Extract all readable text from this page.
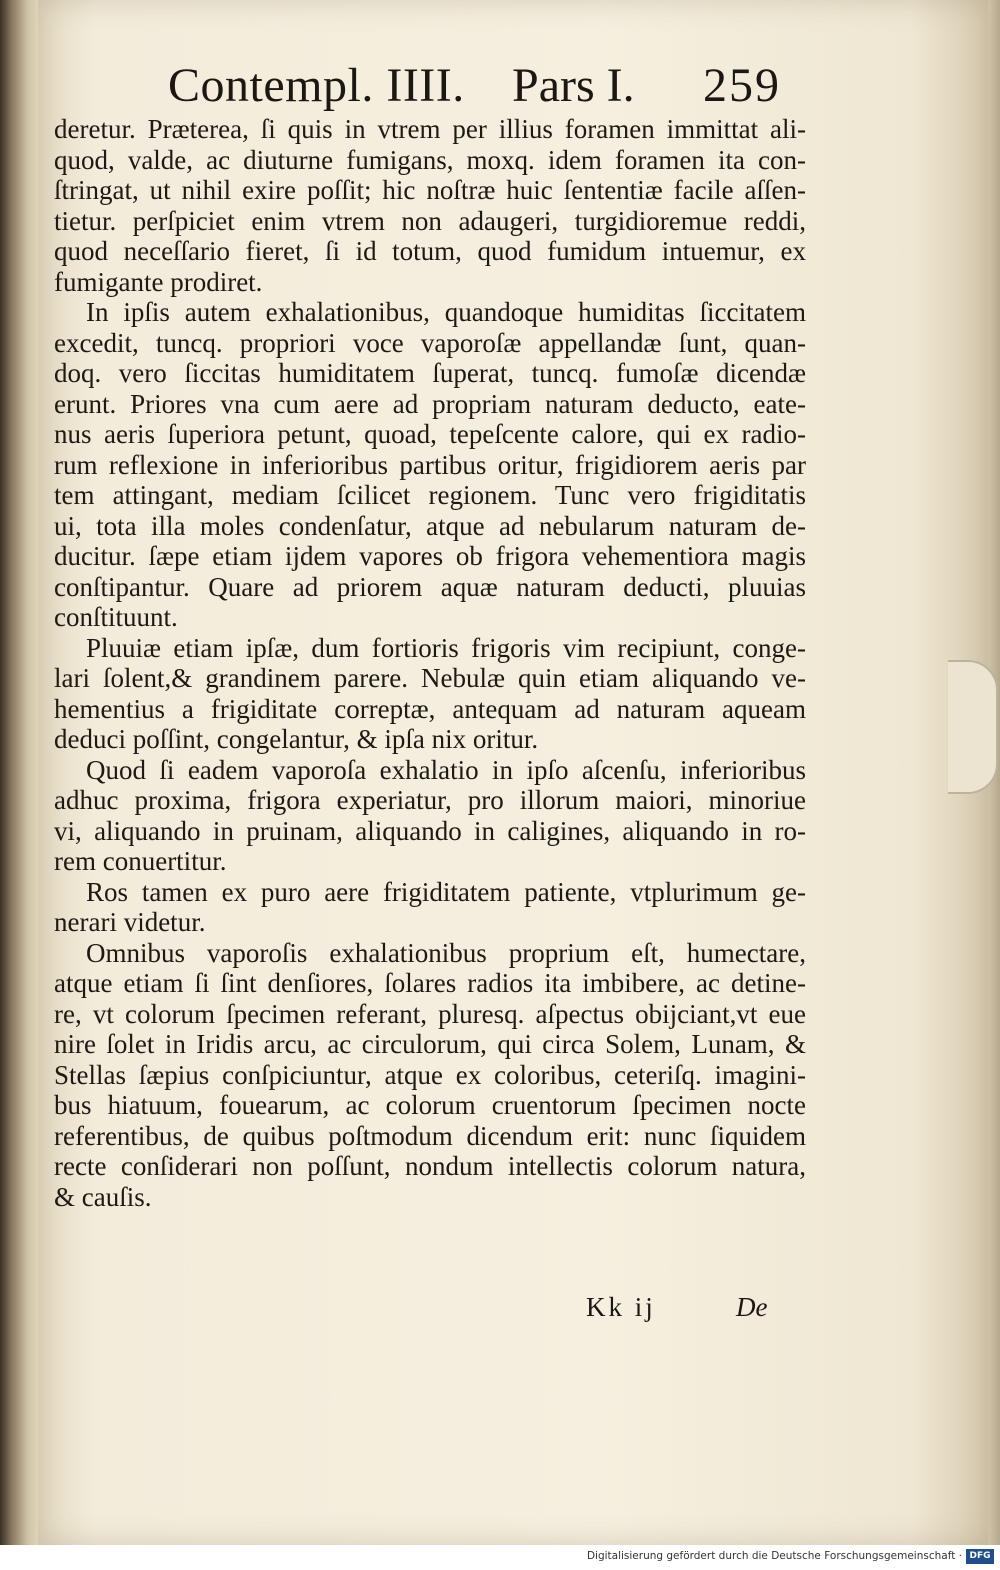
Contempl. IIII. Pars I. 259
deretur. Præterea, ſi quis in vtrem per illius foramen immittat ali-
quod, valde, ac diuturne fumigans, moxq. idem foramen ita con-
ſtringat, ut nihil exire poſſit; hic noſtræ huic ſententiæ facile aſſen-
tietur. perſpiciet enim vtrem non adaugeri, turgidioremue reddi,
quod neceſſario fieret, ſi id totum, quod fumidum intuemur, ex
fumigante prodiret.
In ipſis autem exhalationibus, quandoque humiditas ſiccitatem
excedit, tuncq. propriori voce vaporoſæ appellandæ ſunt, quan-
doq. vero ſiccitas humiditatem ſuperat, tuncq. fumoſæ dicendæ
erunt. Priores vna cum aere ad propriam naturam deducto, eate-
nus aeris ſuperiora petunt, quoad, tepeſcente calore, qui ex radio-
rum reflexione in inferioribus partibus oritur, frigidiorem aeris par
tem attingant, mediam ſcilicet regionem. Tunc vero frigiditatis
ui, tota illa moles condenſatur, atque ad nebularum naturam de-
ducitur. ſæpe etiam ijdem vapores ob frigora vehementiora magis
conſtipantur. Quare ad priorem aquæ naturam deducti, pluuias
conſtituunt.
Pluuiæ etiam ipſæ, dum fortioris frigoris vim recipiunt, conge-
lari ſolent,& grandinem parere. Nebulæ quin etiam aliquando ve-
hementius a frigiditate correptæ, antequam ad naturam aqueam
deduci poſſint, congelantur, & ipſa nix oritur.
Quod ſi eadem vaporoſa exhalatio in ipſo aſcenſu, inferioribus
adhuc proxima, frigora experiatur, pro illorum maiori, minoriue
vi, aliquando in pruinam, aliquando in caligines, aliquando in ro-
rem conuertitur.
Ros tamen ex puro aere frigiditatem patiente, vtplurimum ge-
nerari videtur.
Omnibus vaporoſis exhalationibus proprium eſt, humectare,
atque etiam ſi ſint denſiores, ſolares radios ita imbibere, ac detine-
re, vt colorum ſpecimen referant, pluresq. aſpectus obijciant,vt eue
nire ſolet in Iridis arcu, ac circulorum, qui circa Solem, Lunam, &
Stellas ſæpius conſpiciuntur, atque ex coloribus, ceteriſq. imagini-
bus hiatuum, fouearum, ac colorum cruentorum ſpecimen nocte
referentibus, de quibus poſtmodum dicendum erit: nunc ſiquidem
recte conſiderari non poſſunt, nondum intellectis colorum natura,
& cauſis.
Kk ij	De
Digitalisierung gefördert durch die Deutsche Forschungsgemeinschaft · DFG
